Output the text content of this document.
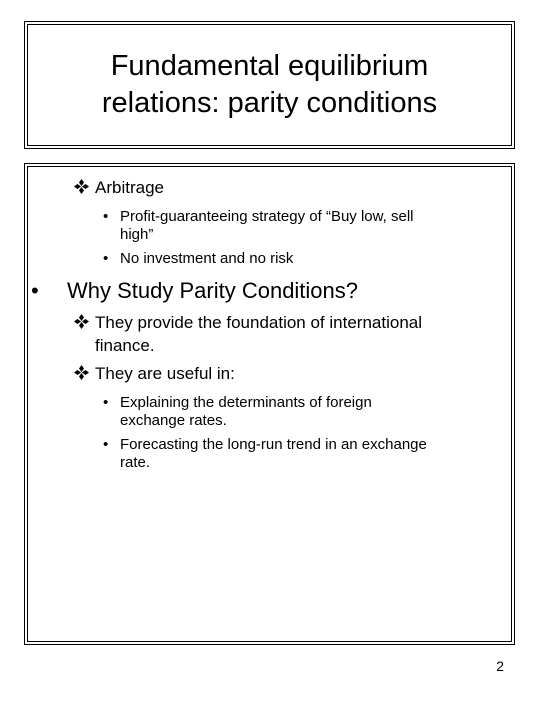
Fundamental equilibrium relations: parity conditions
Arbitrage
• Profit-guaranteeing strategy of “Buy low, sell
high”
• No investment and no risk
• Why Study Parity Conditions?
They provide the foundation of international
finance.
They are useful in:
• Explaining the determinants of foreign
exchange rates.
• Forecasting the long-run trend in an exchange
rate.
2
